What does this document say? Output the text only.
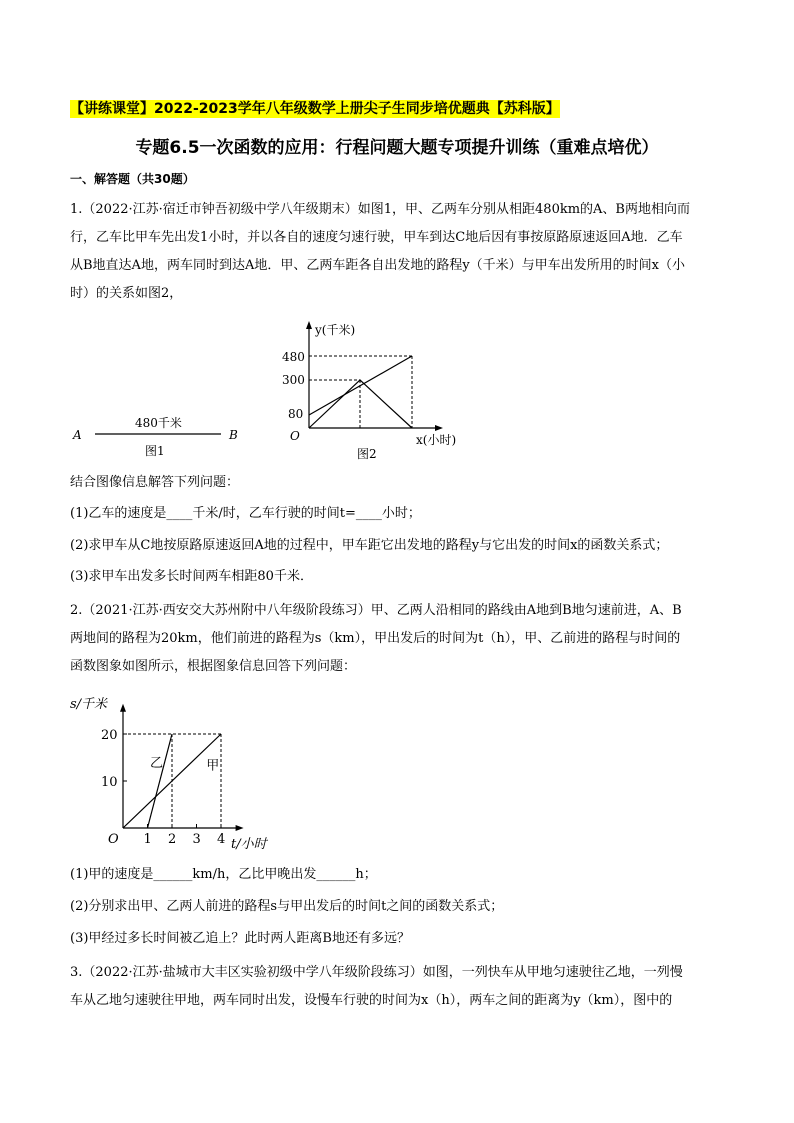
【讲练课堂】2022-2023学年八年级数学上册尖子生同步培优题典【苏科版】
专题6.5一次函数的应用：行程问题大题专项提升训练（重难点培优）
一、解答题（共30题）
1.（2022·江苏·宿迁市钟吾初级中学八年级期末）如图1，甲、乙两车分别从相距480km的A、B两地相向而
行，乙车比甲车先出发1小时，并以各自的速度匀速行驶，甲车到达C地后因有事按原路原速返回A地．乙车
从B地直达A地，两车同时到达A地．甲、乙两车距各自出发地的路程y（千米）与甲车出发所用的时间x（小
时）的关系如图2，
480千米
A	B
图1
y(千米)
x(小时)
O
480
300
80
图2
结合图像信息解答下列问题：
(1)乙车的速度是____千米/时，乙车行驶的时间t=____小时；
(2)求甲车从C地按原路原速返回A地的过程中，甲车距它出发地的路程y与它出发的时间x的函数关系式；
(3)求甲车出发多长时间两车相距80千米．
2.（2021·江苏·西安交大苏州附中八年级阶段练习）甲、乙两人沿相同的路线由A地到B地匀速前进，A、B
两地间的路程为20km，他们前进的路程为s（km），甲出发后的时间为t（h），甲、乙前进的路程与时间的
函数图象如图所示，根据图象信息回答下列问题：
s/千米
t/小时
O
10
20
1 2 3 4
甲
乙
(1)甲的速度是______km/h，乙比甲晚出发______h；
(2)分别求出甲、乙两人前进的路程s与甲出发后的时间t之间的函数关系式；
(3)甲经过多长时间被乙追上？此时两人距离B地还有多远？
3.（2022·江苏·盐城市大丰区实验初级中学八年级阶段练习）如图，一列快车从甲地匀速驶往乙地，一列慢
车从乙地匀速驶往甲地，两车同时出发，设慢车行驶的时间为x（h），两车之间的距离为y（km），图中的
